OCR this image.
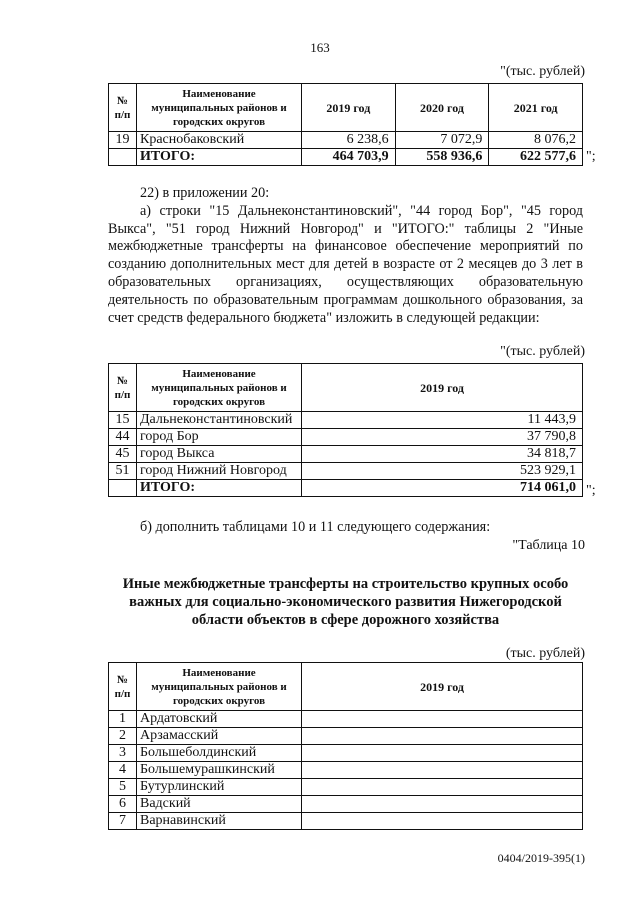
163
"(тыс. рублей)
№ п/п	Наименование муниципальных районов и городских округов	2019 год	2020 год	2021 год
19	Краснобаковский	6 238,6	7 072,9	8 076,2
	ИТОГО:	464 703,9	558 936,6	622 577,6 ";

22) в приложении 20:

а) строки "15 Дальнеконстантиновский", "44 город Бор", "45 город Выкса", "51 город Нижний Новгород" и "ИТОГО:" таблицы 2 "Иные межбюджетные трансферты на финансовое обеспечение мероприятий по созданию дополнительных мест для детей в возрасте от 2 месяцев до 3 лет в образовательных организациях, осуществляющих образовательную деятельность по образовательным программам дошкольного образования, за счет средств федерального бюджета" изложить в следующей редакции:

"(тыс. рублей)
№ п/п	Наименование муниципальных районов и городских округов	2019 год
15	Дальнеконстантиновский	11 443,9
44	город Бор	37 790,8
45	город Выкса	34 818,7
51	город Нижний Новгород	523 929,1
	ИТОГО:	714 061,0 ";

б) дополнить таблицами 10 и 11 следующего содержания:

"Таблица 10
Иные межбюджетные трансферты на строительство крупных особо важных для социально-экономического развития Нижегородской области объектов в сфере дорожного хозяйства
(тыс. рублей)
№ п/п	Наименование муниципальных районов и городских округов	2019 год
1	Ардатовский	
2	Арзамасский	
3	Большеболдинский	
4	Большемурашкинский	
5	Бутурлинский	
6	Вадский	
7	Варнавинский	
0404/2019-395(1)
